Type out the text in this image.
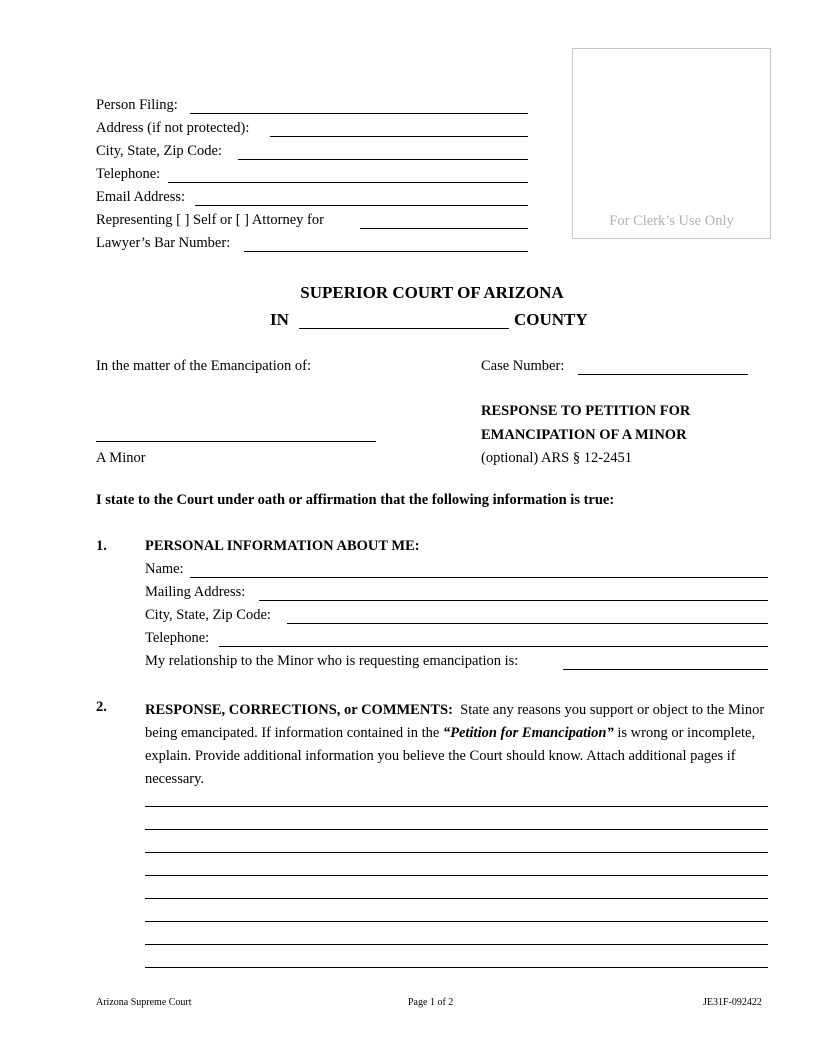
Person Filing:
Address (if not protected):
City, State, Zip Code:
Telephone:
Email Address:
Representing [ ] Self or [ ] Attorney for
Lawyer’s Bar Number:
For Clerk’s Use Only
SUPERIOR COURT OF ARIZONA
IN	COUNTY
In the matter of the Emancipation of:	Case Number:
RESPONSE TO PETITION FOR
EMANCIPATION OF A MINOR
(optional) ARS § 12-2451
A Minor
I state to the Court under oath or affirmation that the following information is true:
1.	PERSONAL INFORMATION ABOUT ME:
Name:
Mailing Address:
City, State, Zip Code:
Telephone:
My relationship to the Minor who is requesting emancipation is:
2.	RESPONSE, CORRECTIONS, or COMMENTS: State any reasons you support or object to the Minor being emancipated. If information contained in the “Petition for Emancipation” is wrong or incomplete, explain. Provide additional information you believe the Court should know. Attach additional pages if necessary.
Arizona Supreme Court	Page 1 of 2	JE31F-092422
